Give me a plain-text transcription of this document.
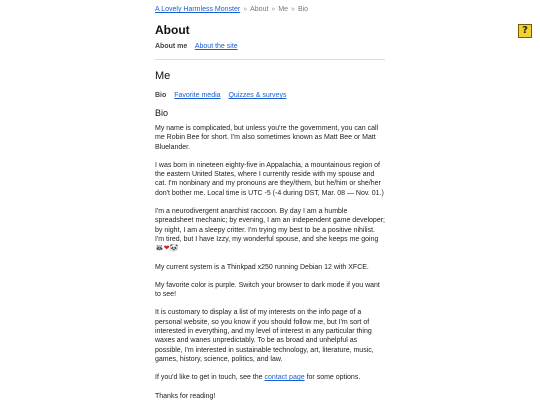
A Lovely Harmless Monster » About » Me » Bio
About
About me About the site
Me
Bio Favorite media Quizzes & surveys
Bio

My name is complicated, but unless you're the government, you can call me Robin Bee for short. I'm also sometimes known as Matt Bee or Matt Bluelander.

I was born in nineteen eighty-five in Appalachia, a mountainous region of the eastern United States, where I currently reside with my spouse and cat. I'm nonbinary and my pronouns are they/them, but he/him or she/her don't bother me. Local time is UTC -5 (-4 during DST, Mar. 08 — Nov. 01.)

I'm a neurodivergent anarchist raccoon. By day I am a humble spreadsheet mechanic; by evening, I am an independent game developer; by night, I am a sleepy critter. I'm trying my best to be a positive nihilist. I'm tired, but I have Izzy, my wonderful spouse, and she keeps me going 🦝❤🐼

My current system is a Thinkpad x250 running Debian 12 with XFCE.

My favorite color is purple. Switch your browser to dark mode if you want to see!

It is customary to display a list of my interests on the info page of a personal website, so you know if you should follow me, but I'm sort of interested in everything, and my level of interest in any particular thing waxes and wanes unpredictably. To be as broad and unhelpful as possible, I'm interested in sustainable technology, art, literature, music, games, history, science, politics, and law.

If you'd like to get in touch, see the contact page for some options.

Thanks for reading!

?
